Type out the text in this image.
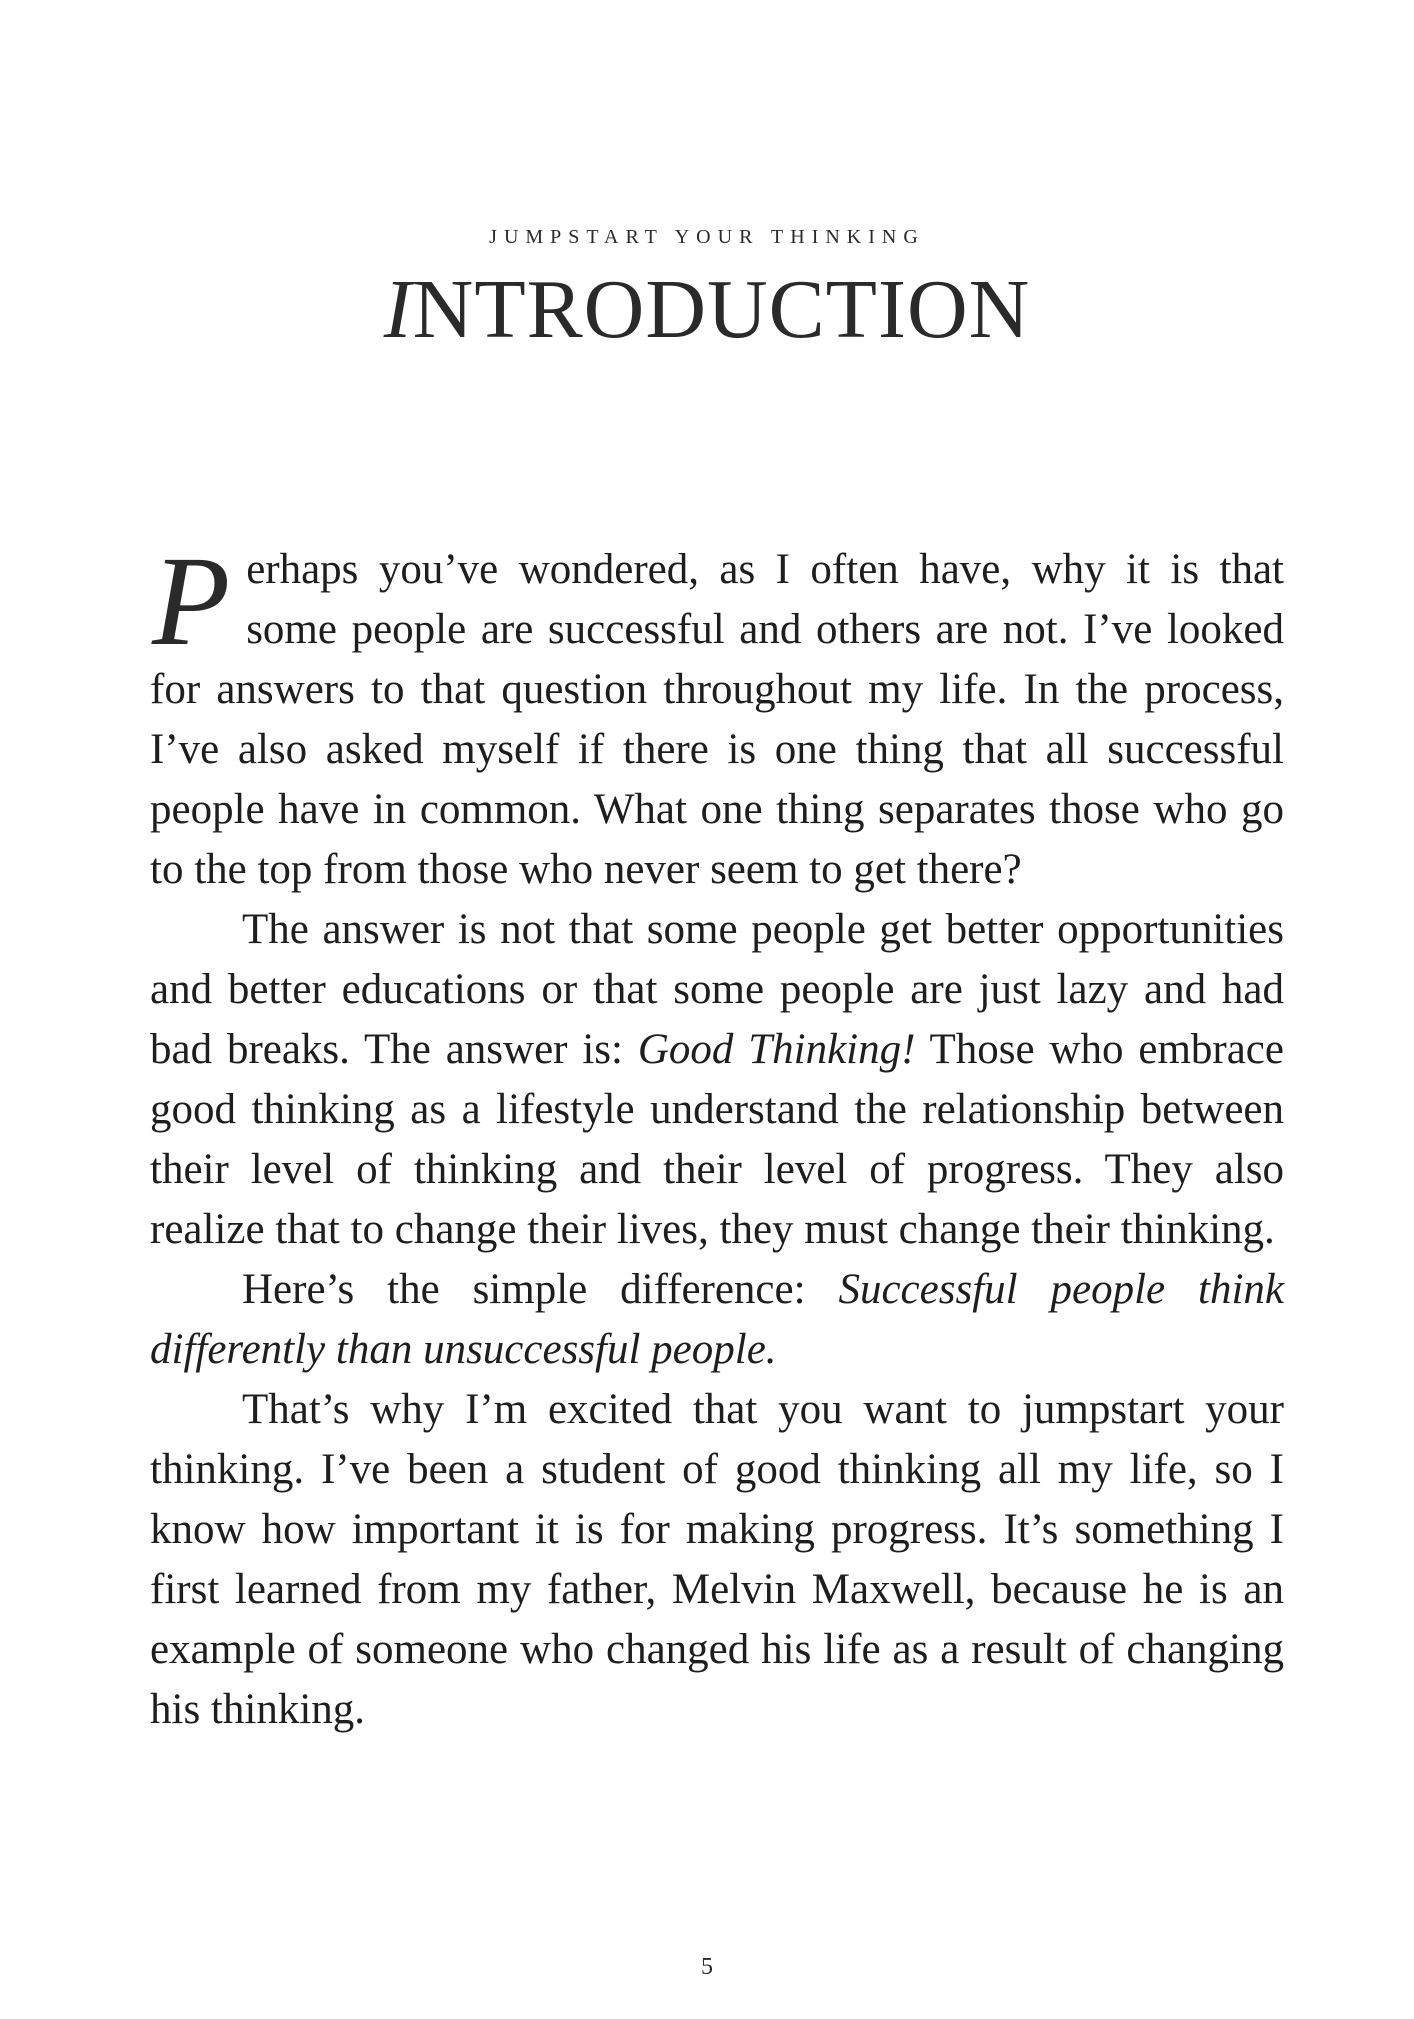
JUMPSTART YOUR THINKING
INTRODUCTION

Perhaps you’ve wondered, as I often have, why it is that some people are successful and others are not. I’ve looked for answers to that question throughout my life. In the process, I’ve also asked myself if there is one thing that all successful people have in common. What one thing separates those who go to the top from those who never seem to get there?

The answer is not that some people get better opportunities and better educations or that some people are just lazy and had bad breaks. The answer is: Good Thinking! Those who embrace good thinking as a lifestyle understand the relationship between their level of thinking and their level of progress. They also realize that to change their lives, they must change their thinking.

Here’s the simple difference: Successful people think differently than unsuccessful people.

That’s why I’m excited that you want to jumpstart your thinking. I’ve been a student of good thinking all my life, so I know how important it is for making progress. It’s something I first learned from my father, Melvin Maxwell, because he is an example of someone who changed his life as a result of changing his thinking.

5
